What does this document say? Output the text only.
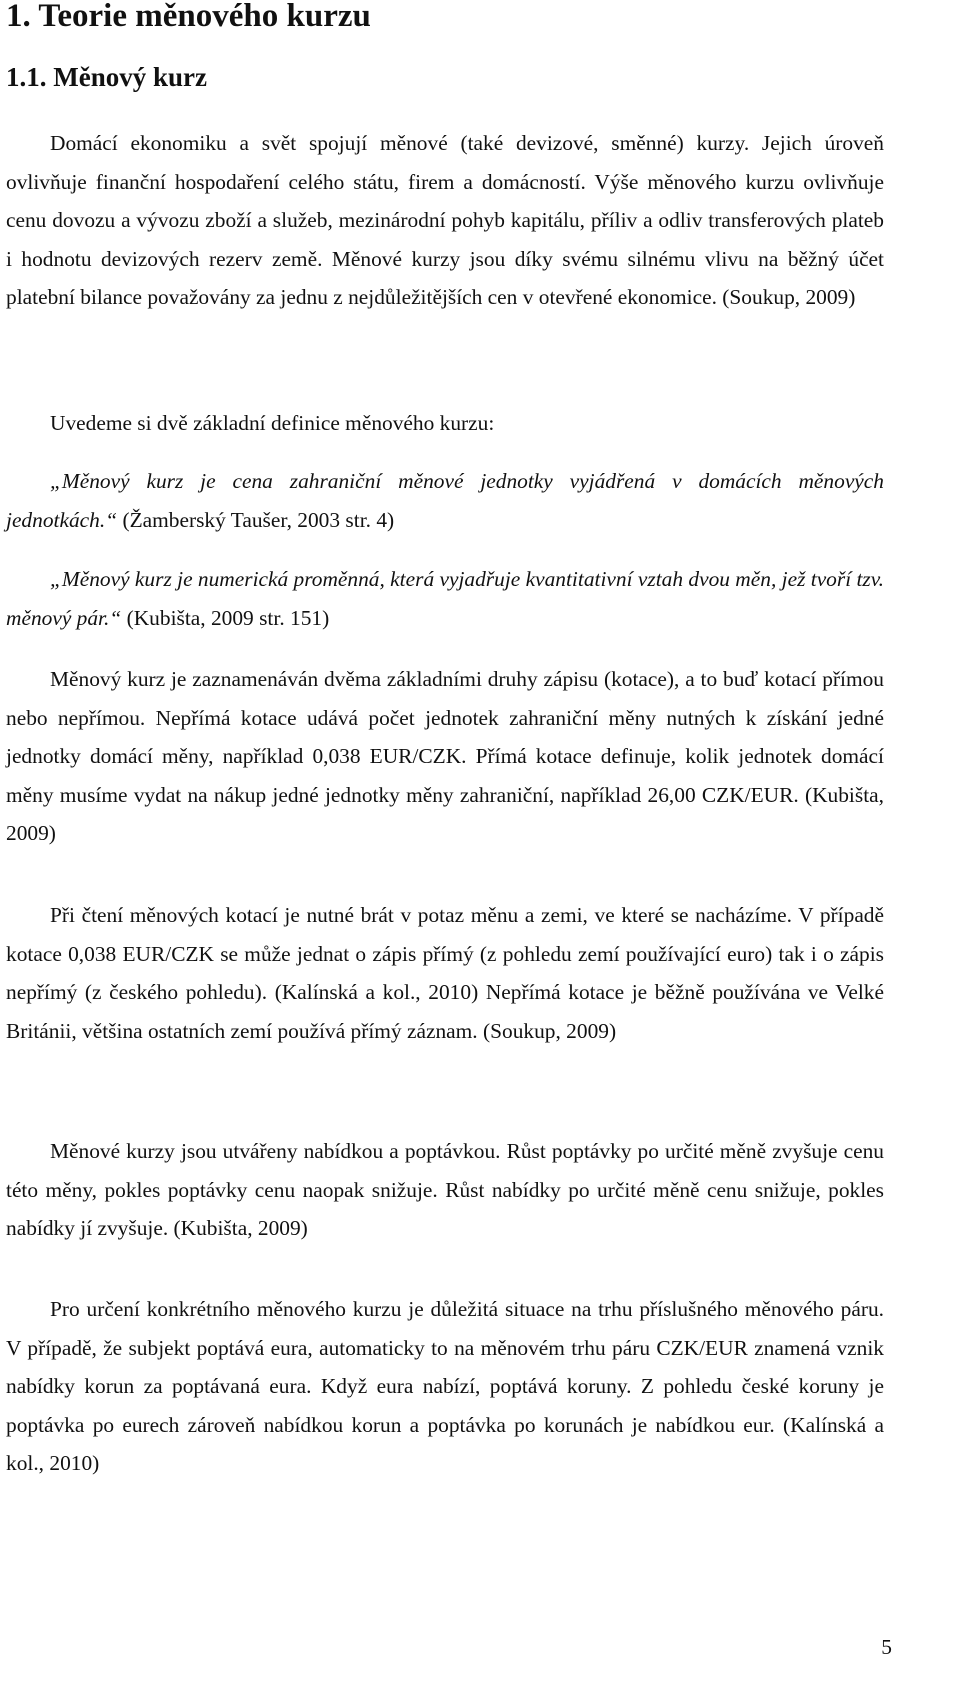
1. Teorie měnového kurzu
1.1. Měnový kurz

Domácí ekonomiku a svět spojují měnové (také devizové, směnné) kurzy. Jejich úroveň ovlivňuje finanční hospodaření celého státu, firem a domácností. Výše měnového kurzu ovlivňuje cenu dovozu a vývozu zboží a služeb, mezinárodní pohyb kapitálu, příliv a odliv transferových plateb i hodnotu devizových rezerv země. Měnové kurzy jsou díky svému silnému vlivu na běžný účet platební bilance považovány za jednu z nejdůležitějších cen v otevřené ekonomice. (Soukup, 2009)

Uvedeme si dvě základní definice měnového kurzu:

„Měnový kurz je cena zahraniční měnové jednotky vyjádřená v domácích měnových jednotkách.“ (Žamberský Taušer, 2003 str. 4)

„Měnový kurz je numerická proměnná, která vyjadřuje kvantitativní vztah dvou měn, jež tvoří tzv. měnový pár.“ (Kubišta, 2009 str. 151)

Měnový kurz je zaznamenáván dvěma základními druhy zápisu (kotace), a to buď kotací přímou nebo nepřímou. Nepřímá kotace udává počet jednotek zahraniční měny nutných k získání jedné jednotky domácí měny, například 0,038 EUR/CZK. Přímá kotace definuje, kolik jednotek domácí měny musíme vydat na nákup jedné jednotky měny zahraniční, například 26,00 CZK/EUR. (Kubišta, 2009)

Při čtení měnových kotací je nutné brát v potaz měnu a zemi, ve které se nacházíme. V případě kotace 0,038 EUR/CZK se může jednat o zápis přímý (z pohledu zemí používající euro) tak i o zápis nepřímý (z českého pohledu). (Kalínská a kol., 2010) Nepřímá kotace je běžně používána ve Velké Británii, většina ostatních zemí používá přímý záznam. (Soukup, 2009)

Měnové kurzy jsou utvářeny nabídkou a poptávkou. Růst poptávky po určité měně zvyšuje cenu této měny, pokles poptávky cenu naopak snižuje. Růst nabídky po určité měně cenu snižuje, pokles nabídky jí zvyšuje. (Kubišta, 2009)

Pro určení konkrétního měnového kurzu je důležitá situace na trhu příslušného měnového páru. V případě, že subjekt poptává eura, automaticky to na měnovém trhu páru CZK/EUR znamená vznik nabídky korun za poptávaná eura. Když eura nabízí, poptává koruny. Z pohledu české koruny je poptávka po eurech zároveň nabídkou korun a poptávka po korunách je nabídkou eur. (Kalínská a kol., 2010)

5
